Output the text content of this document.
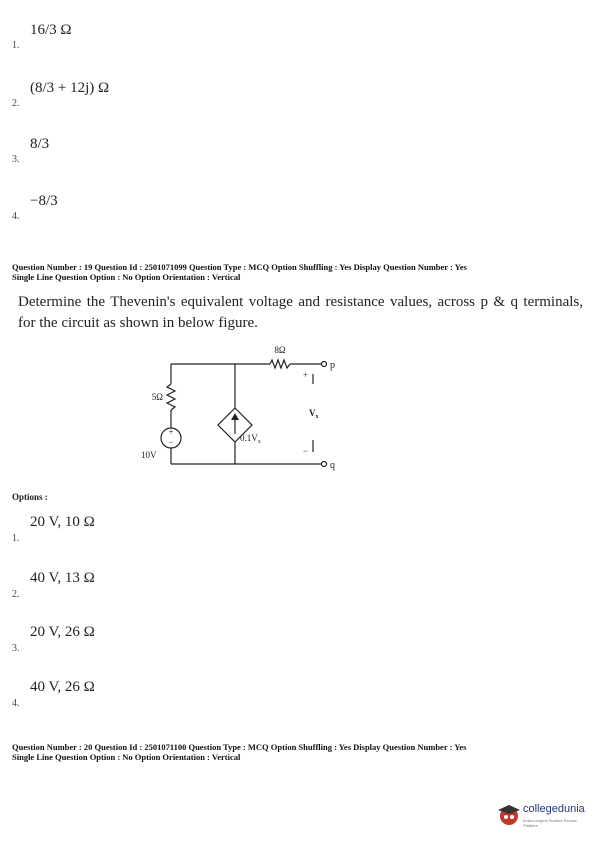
16/3 Ω
1.
(8/3 + 12j) Ω
2.
8/3
3.
−8/3
4.
Question Number : 19 Question Id : 2501071099 Question Type : MCQ Option Shuffling : Yes Display Question Number : Yes
Single Line Question Option : No Option Orientation : Vertical
Determine the Thevenin's equivalent voltage and resistance values, across p & q terminals, for the circuit as shown in below figure.
+
−
8Ω
5Ω
10V
$0.1V_x$
+
$V_x$
−
p
q
Options :
20 V, 10 Ω
1.
40 V, 13 Ω
2.
20 V, 26 Ω
3.
40 V, 26 Ω
4.
Question Number : 20 Question Id : 2501071100 Question Type : MCQ Option Shuffling : Yes Display Question Number : Yes
Single Line Question Option : No Option Orientation : Vertical
collegedunia
India's largest Student Review Platform
